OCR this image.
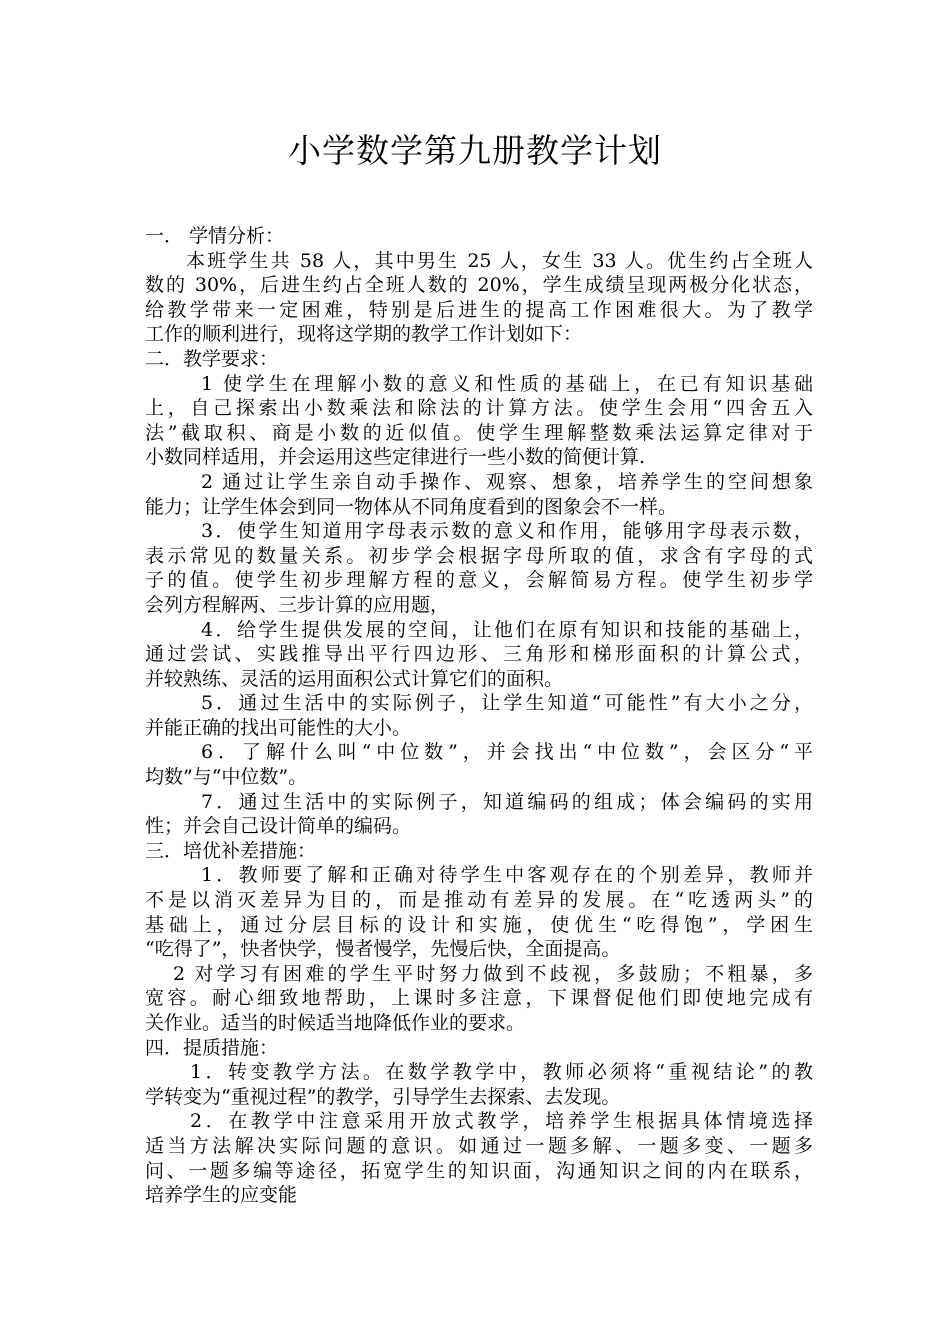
小学数学第九册教学计划
一． 学情分析：
本班学生共 58 人，其中男生 25 人，女生 33 人。优生约占全班人
数的 30%，后进生约占全班人数的 20%，学生成绩呈现两极分化状态，
给教学带来一定困难，特别是后进生的提高工作困难很大。为了教学
工作的顺利进行，现将这学期的教学工作计划如下：
二．教学要求：
1 使学生在理解小数的意义和性质的基础上，在已有知识基础
上，自己探索出小数乘法和除法的计算方法。使学生会用“四舍五入
法”截取积、商是小数的近似值。使学生理解整数乘法运算定律对于
小数同样适用，并会运用这些定律进行一些小数的简便计算.
2 通过让学生亲自动手操作、观察、想象，培养学生的空间想象
能力；让学生体会到同一物体从不同角度看到的图象会不一样。
3．使学生知道用字母表示数的意义和作用，能够用字母表示数，
表示常见的数量关系。初步学会根据字母所取的值，求含有字母的式
子的值。使学生初步理解方程的意义，会解简易方程。使学生初步学
会列方程解两、三步计算的应用题，
4．给学生提供发展的空间，让他们在原有知识和技能的基础上，
通过尝试、实践推导出平行四边形、三角形和梯形面积的计算公式，
并较熟练、灵活的运用面积公式计算它们的面积。
5．通过生活中的实际例子，让学生知道“可能性”有大小之分，
并能正确的找出可能性的大小。
6．了解什么叫“中位数”，并会找出“中位数”，会区分“平
均数”与“中位数”。
7．通过生活中的实际例子，知道编码的组成；体会编码的实用
性；并会自己设计简单的编码。
三．培优补差措施：
1．教师要了解和正确对待学生中客观存在的个别差异，教师并
不是以消灭差异为目的，而是推动有差异的发展。在“吃透两头”的
基础上，通过分层目标的设计和实施，使优生“吃得饱”，学困生
“吃得了”，快者快学，慢者慢学，先慢后快，全面提高。
2 对学习有困难的学生平时努力做到不歧视，多鼓励；不粗暴，多
宽容。耐心细致地帮助，上课时多注意，下课督促他们即使地完成有
关作业。适当的时候适当地降低作业的要求。
四．提质措施：
1．转变教学方法。在数学教学中，教师必须将“重视结论”的教
学转变为“重视过程”的教学，引导学生去探索、去发现。
2．在教学中注意采用开放式教学，培养学生根据具体情境选择
适当方法解决实际问题的意识。如通过一题多解、一题多变、一题多
问、一题多编等途径，拓宽学生的知识面，沟通知识之间的内在联系，
培养学生的应变能
